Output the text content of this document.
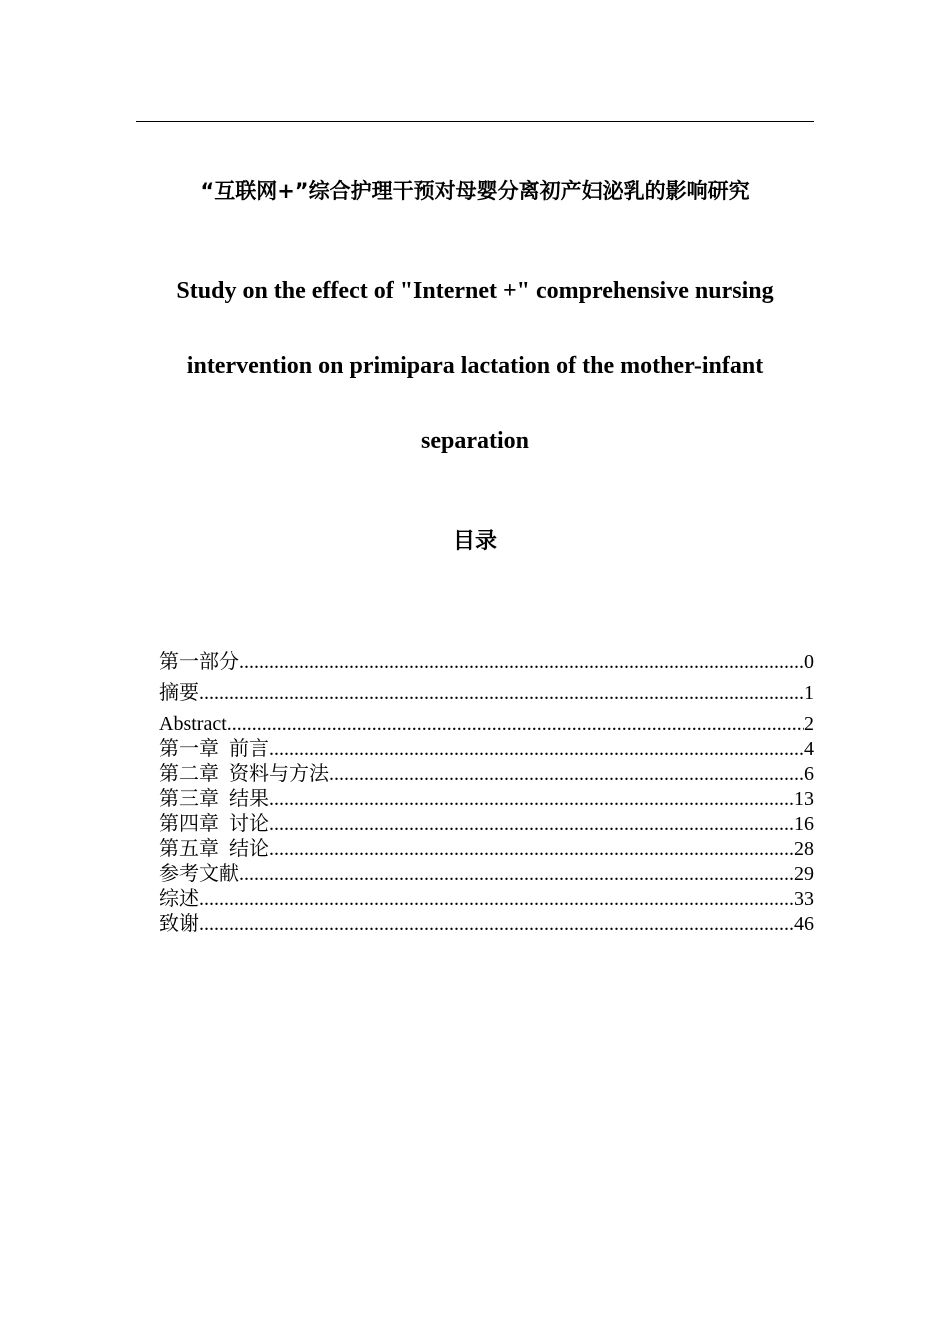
“互联网+”综合护理干预对母婴分离初产妇泌乳的影响研究
Study on the effect of "Internet +" comprehensive nursing
intervention on primipara lactation of the mother-infant
separation
目录
第一部分 .....	0
摘要 .....	1
Abstract .....	2
第一章  前言 .....	4
第二章  资料与方法 .....	6
第三章  结果 .....	13
第四章  讨论 .....	16
第五章  结论 .....	28
参考文献 .....	29
综述 .....	33
致谢 .....	46
